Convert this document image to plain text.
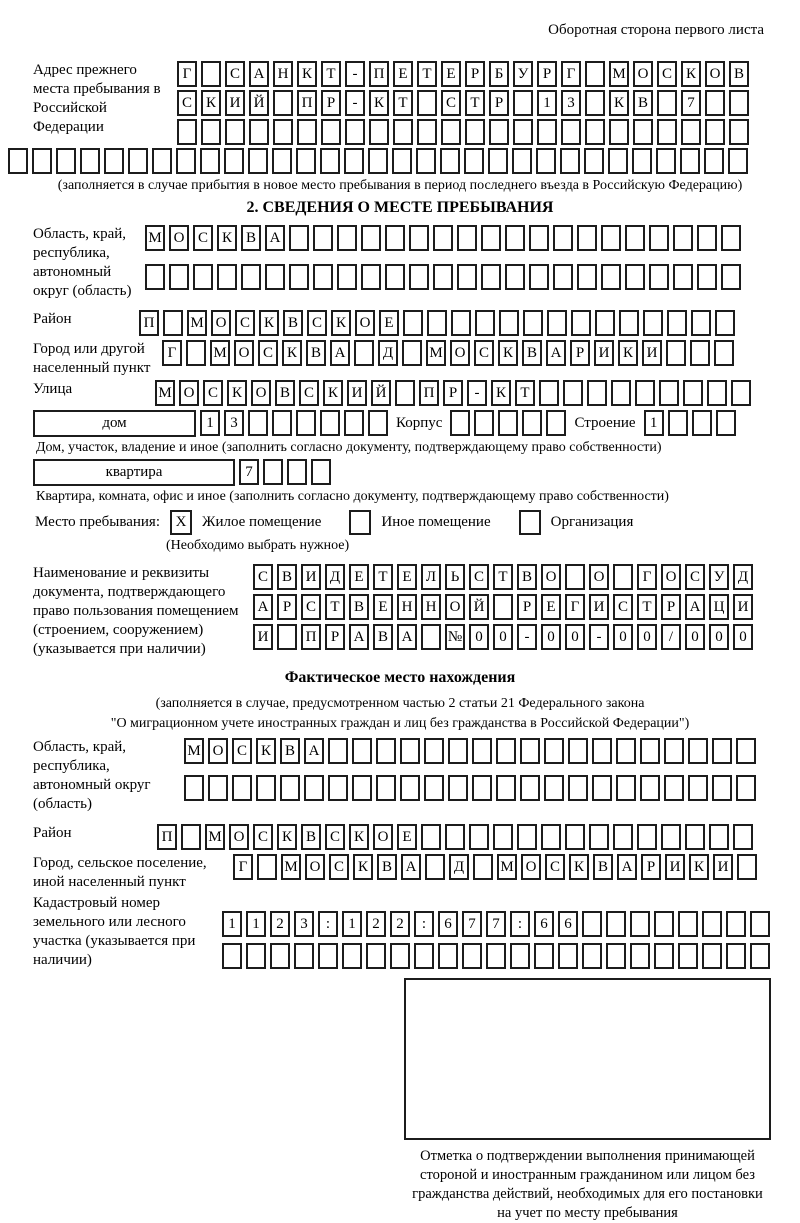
Оборотная сторона первого листа
Адрес прежнего места пребывания в Российской Федерации
Г	С А Н К Т	-	П Е Т Е	Р	Б У Р	Г	М О С К О В
С К И Й	П Р	-	К Т	С Т	Р	1	3	К В	7
(заполняется в случае прибытия в новое место пребывания в период последнего въезда в Российскую Федерацию)
2. СВЕДЕНИЯ О МЕСТЕ ПРЕБЫВАНИЯ
Область, край, республика, автономный округ (область)
М О С К В А
Район	П	М О С К В С К О Е
Город или другой населенный пункт
Г	М О С К В А	Д	М О С К В А Р И К И
Улица	М О С К О В С К И Й	П Р	-	К Т
дом	1	3	Корпус	Строение 1
Дом, участок, владение и иное (заполнить согласно документу, подтверждающему право собственности)
квартира	7
Квартира, комната, офис и иное (заполнить согласно документу, подтверждающему право собственности)
Место пребывания:	X	Жилое помещение	Иное помещение	Организация
(Необходимо выбрать нужное)
Наименование и реквизиты документа, подтверждающего право пользования помещением (строением, сооружением) (указывается при наличии)
С В И Д Е Т Е Л Ь С Т В О	О	Г О С У Д
А Р С Т В Е Н Н О Й	Р	Е	Г И С Т	Р А Ц И
И	П Р А В А	№ 0	0	-	0	0	-	0	0	/	0	0	0
Фактическое место нахождения
(заполняется в случае, предусмотренном частью 2 статьи 21 Федерального закона
"О миграционном учете иностранных граждан и лиц без гражданства в Российской Федерации")
Область, край, республика, автономный округ (область)
М О С К В А
Район	П	М О С К В С К О Е
Город, сельское поселение, иной населенный пункт
Г	М О С К В А	Д	М О С К В А Р И К И
Кадастровый номер земельного или лесного участка (указывается при наличии)
1	1	2	3	:	1	2	2	:	6	7	7	:	6	6
Отметка о подтверждении выполнения принимающей стороной и иностранным гражданином или лицом без гражданства действий, необходимых для его постановки на учет по месту пребывания
